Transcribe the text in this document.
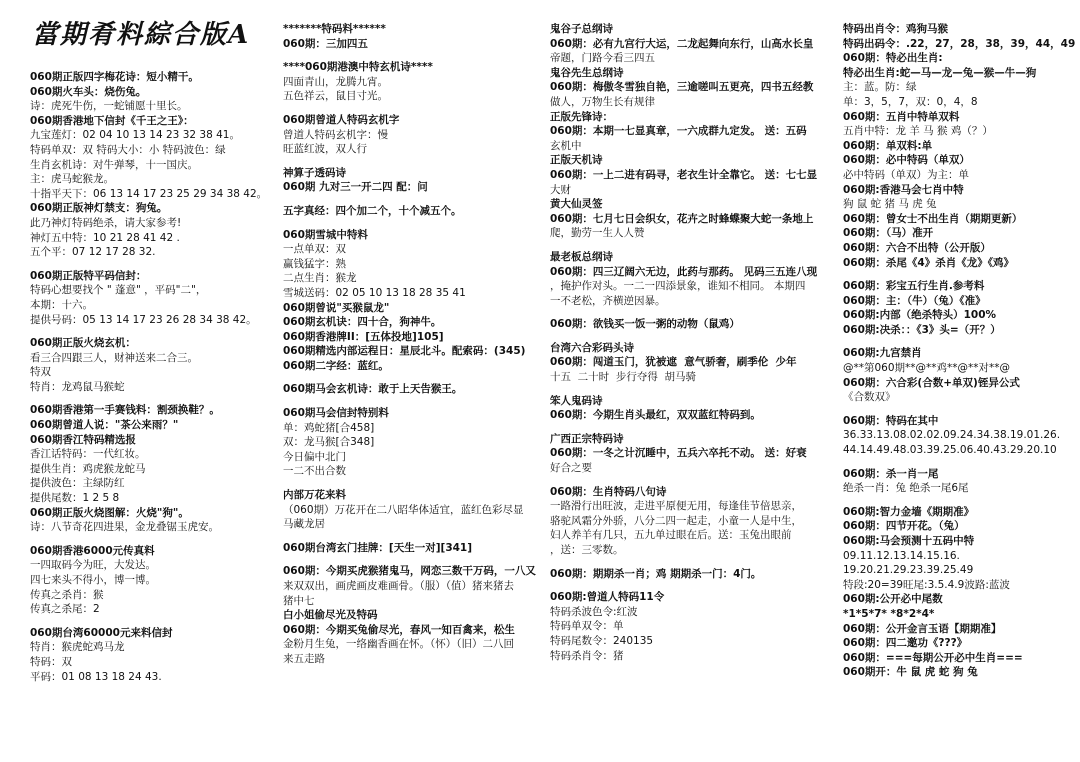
當期肴料綜合版A
060期正版四字梅花诗：短小精干。
060期火车头：烧伤兔。
诗：虎死牛伤，一蛇铺愿十里长。
060期香港地下信封《千王之王》：
九宝莲灯：02 04 10 13 14 23 32 38 41。
特码单双：双 特码大小：小 特码波色：绿
生肖玄机诗：对牛弹琴，十一国庆。
主：虎马蛇猴龙。
十指平天下：06 13 14 17 23 25 29 34 38 42。
060期正版神灯禁支：狗兔。
此乃神灯特码绝杀，请大家参考!
神灯五中特：10 21 28 41 42 .
五个平：07 12 17 28 32.
060期正版特平码信封：
特码心想要找个 " 蓬意" ，平码"二"，
本期：十六。
提供号码：05 13 14 17 23 26 28 34 38 42。
060期正版火烧玄机：
看三合四跟三人，财神送来二合三。
特双
特肖：龙鸡鼠马猴蛇
060期香港第一手赛钱料：割颈换鞋？。
060期曾道人说："茶公来雨？"
060期香江特码精选报
香江话特码：一代红妆。
提供生肖：鸡虎猴龙蛇马
提供波色：主绿防红
提供尾数：1 2 5 8
060期正版火烧图解：火烧"狗"。
诗：八节奇花四进果，金龙叠锯玉虎安。
060期香港6000元传真料
一四取码今为旺，大发达。
四七来头不得小，博一博。
传真之杀肖：猴
传真之杀尾：2
060期台湾60000元来料信封
特肖：猴虎蛇鸡马龙
特码：双
平码：01 08 13 18 24 43.
*******特码料******
060期：三加四五
****060期港澳中特玄机诗****
四面青山，龙腾九宵。
五色祥云，鼠目寸光。
060期曾道人特码玄机字
曾道人特码玄机字：慢
旺蓝红波，双人行
神算子透码诗
060期 九对三一开二四 配：问
五字真经：四个加二个，十个减五个。
060期雪城中特料
一点单双：双
赢钱猛字：熟
二点生肖：猴龙
雪城送码：02 05 10 13 18 28 35 41
060期曾说"买猴鼠龙"
060期玄机诀：四十合，狗神牛。
060期香港牌II：[五体投地]105]
060期精选内部运程日：星辰北斗。配索码：(345)
060期二字经：蓝红。
060期马会玄机诗：敢于上天告猴王。
060期马会信封特别料
单：鸡蛇猪[合458]
双：龙马猴[合348]
今日偏中北门
一二不出合数
内部万花来料
（060期）万花开在二八昭华体适宜，蓝红色彩尽显
马藏龙居
060期台湾玄门挂牌：[天生一对][341]
060期：今期买虎猴猪鬼马，网恋三数干万码，一八又
来双双出，画虎画皮难画骨。（服）（值）猪来猪去
猪中七
白小姐偷尽光及特码
060期：今期买兔偷尽光，春风一知百禽来，松生
金粉月生兔，一络幽香画在怀。（怀）（旧）二八回
来五走路
鬼谷子总纲诗
060期：必有九宫行大运，二龙起舞向东行，山高水长皇
帝题，门路今看三四五
鬼谷先生总纲诗
060期：梅傲冬雪独自艳，三逾嗟叫五更亮，四书五经教
做人，万物生长有规律
正版先锋诗：
060期：本期一七显真章，一六成群九定发。 送：五码
玄机中
正版天机诗
060期：一上二进有码寻，老衣生计全靠它。 送：七七显
大财
黄大仙灵签
060期：七月七日会织女，花卉之时蜂蝶聚大蛇一条地上
爬，勤劳一生人人赞
最老板总纲诗
060期：四三辽阔六无边，此药与那药。 见码三五连八现
，掩护作对头。一二一四添景象，谁知不相同。 本期四
一不老松，齐横逆因暴。
060期：欲钱买一饭一粥的动物（鼠鸡）
台湾六合彩码头诗
060期：闯道玉门，犹被遮  意气骄奢，刷季伦  少年
十五  二十时  步行夺得  胡马骑
笨人鬼码诗
060期：今期生肖头最红，双双蓝红特码到。
广西正宗特码诗
060期：一冬之计沉睡中，五兵六卒托不动。 送：好衰
好合之要
060期：生肖特码八句诗
一路滑行出旺波，走进平原便无用，每逢佳节倍思亲，
骆驼风霜分外骄，八分二四一起走，小童一人是中生，
妇人养羊有几只，五九单过眼在后。送：玉兔出眼前
，送：三零数。
060期：期期杀一肖；鸡 期期杀一门：4门。
060期:曾道人特码11令
特码杀波色令:红波
特码单双令：单
特码尾数令：240135
特码杀肖令：猪
特码出肖令：鸡狗马猴
特码出码令：.22，27，28，38，39，44，49
060期：特必出生肖:
特必出生肖:蛇—马—龙—兔—猴—牛—狗
主：蓝。防：绿
单：3，5，7，双：0，4，8
060期：五肖中特单双料
五肖中特：龙 羊 马 猴 鸡（？）
060期：单双料:单
060期：必中特码（单双）
必中特码（单双）为主：单
060期:香港马会七肖中特
狗 鼠 蛇 猪 马 虎 兔
060期：曾女士不出生肖（期期更新）
060期：（马）准开
060期：六合不出特（公开版）
060期：杀尾《4》杀肖《龙》《鸡》
060期：彩宝五行生肖.参考料
060期：主：（牛）（兔）《准》
060期:内部（绝杀特头）100%
060期:决杀：：《3》头=（开？）
060期:九宫禁肖
@**第060期**@**鸡**@**对**@
060期：六合彩(合数+单双)铚异公式
《合数双》
060期：特码在其中
36.33.13.08.02.02.09.24.34.38.19.01.26.
44.14.49.48.03.39.25.06.40.43.29.20.10
060期：杀一肖一尾
绝杀一肖：兔 绝杀一尾6尾
060期:智力金墙《期期准》
060期：四节开花。（兔）
060期:马会预测十五码中特
09.11.12.13.14.15.16.
19.20.21.29.23.39.25.49
特段:20=39旺尾:3.5.4.9波路:蓝波
060期:公开必中尾数
*1*5*7* *8*2*4*
060期：公开金言玉语【期期准】
060期：四二邀功《???》
060期：===每期公开必中生肖===
060期开：牛 鼠 虎 蛇 狗 兔
